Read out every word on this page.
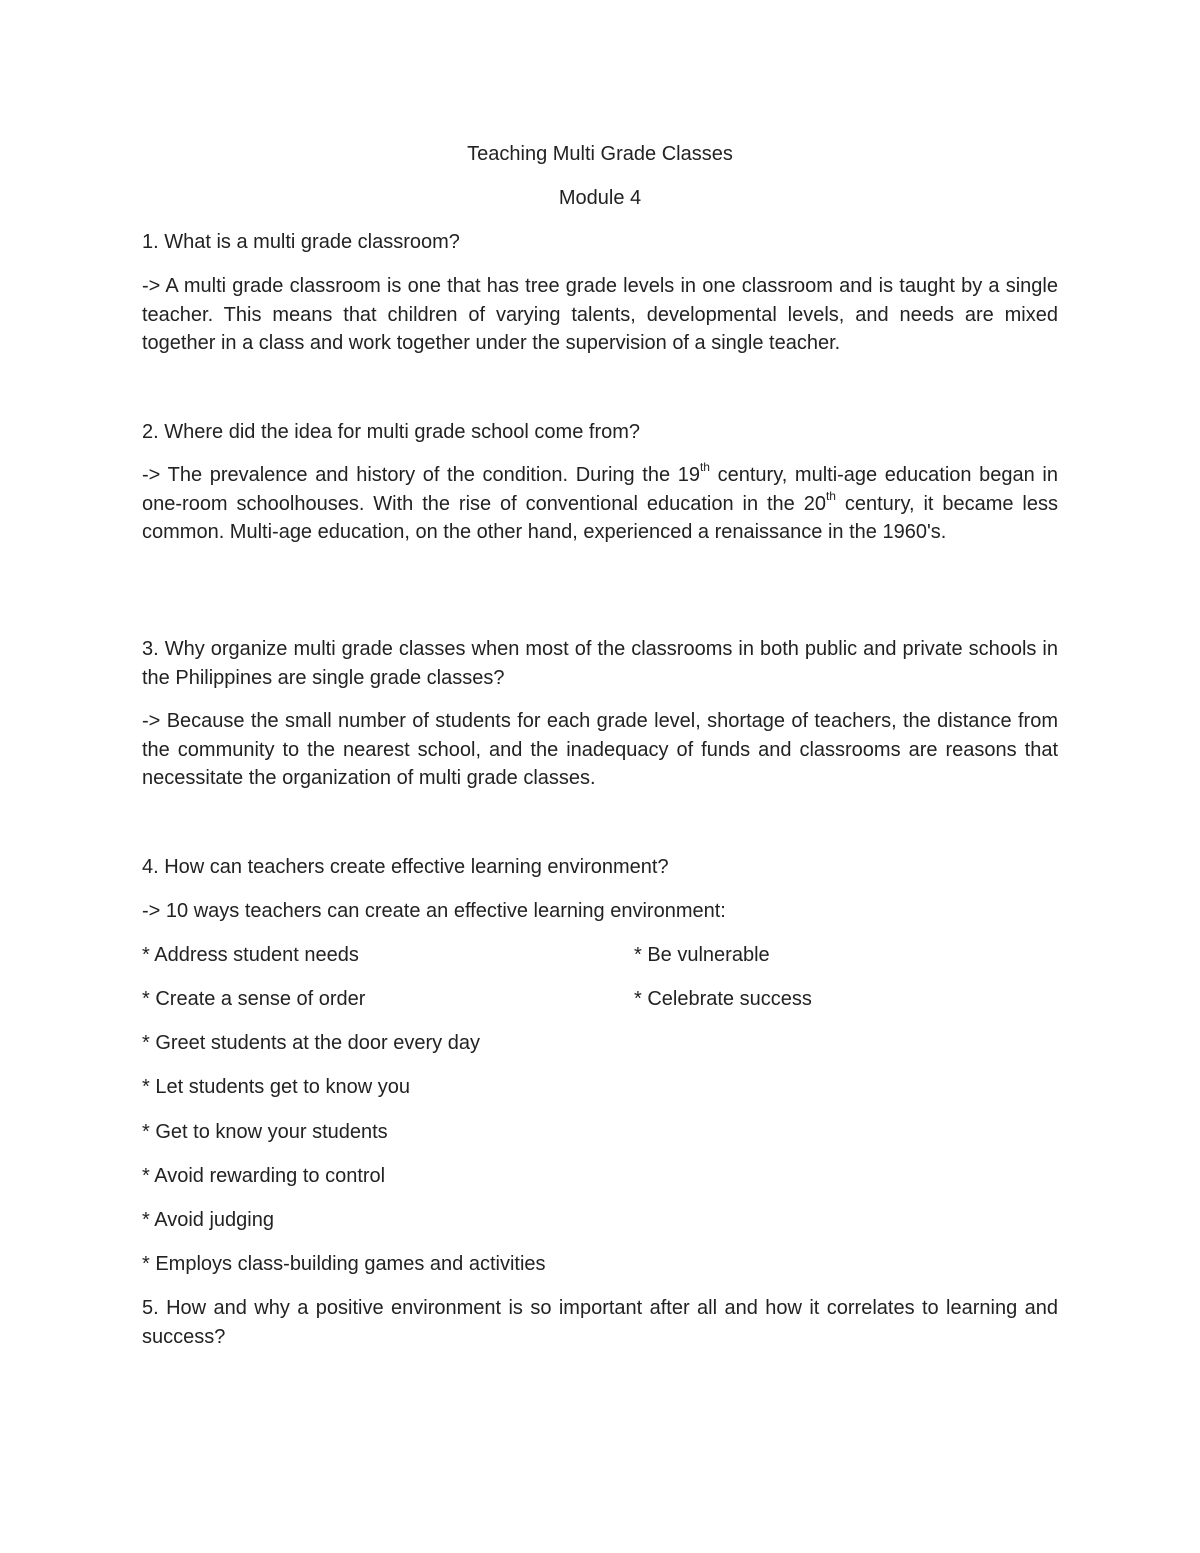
Teaching Multi Grade Classes
Module 4
1. What is a multi grade classroom?

-> A multi grade classroom is one that has tree grade levels in one classroom and is taught by a single teacher. This means that children of varying talents, developmental levels, and needs are mixed together in a class and work together under the supervision of a single teacher.

2. Where did the idea for multi grade school come from?

-> The prevalence and history of the condition. During the 19th century, multi-age education began in one-room schoolhouses. With the rise of conventional education in the 20th century, it became less common. Multi-age education, on the other hand, experienced a renaissance in the 1960's.

3. Why organize multi grade classes when most of the classrooms in both public and private schools in the Philippines are single grade classes?

-> Because the small number of students for each grade level, shortage of teachers, the distance from the community to the nearest school, and the inadequacy of funds and classrooms are reasons that necessitate the organization of multi grade classes.

4. How can teachers create effective learning environment?
-> 10 ways teachers can create an effective learning environment:
* Address student needs	* Be vulnerable
* Create a sense of order	* Celebrate success
* Greet students at the door every day
* Let students get to know you
* Get to know your students
* Avoid rewarding to control
* Avoid judging
* Employs class-building games and activities

5. How and why a positive environment is so important after all and how it correlates to learning and success?
